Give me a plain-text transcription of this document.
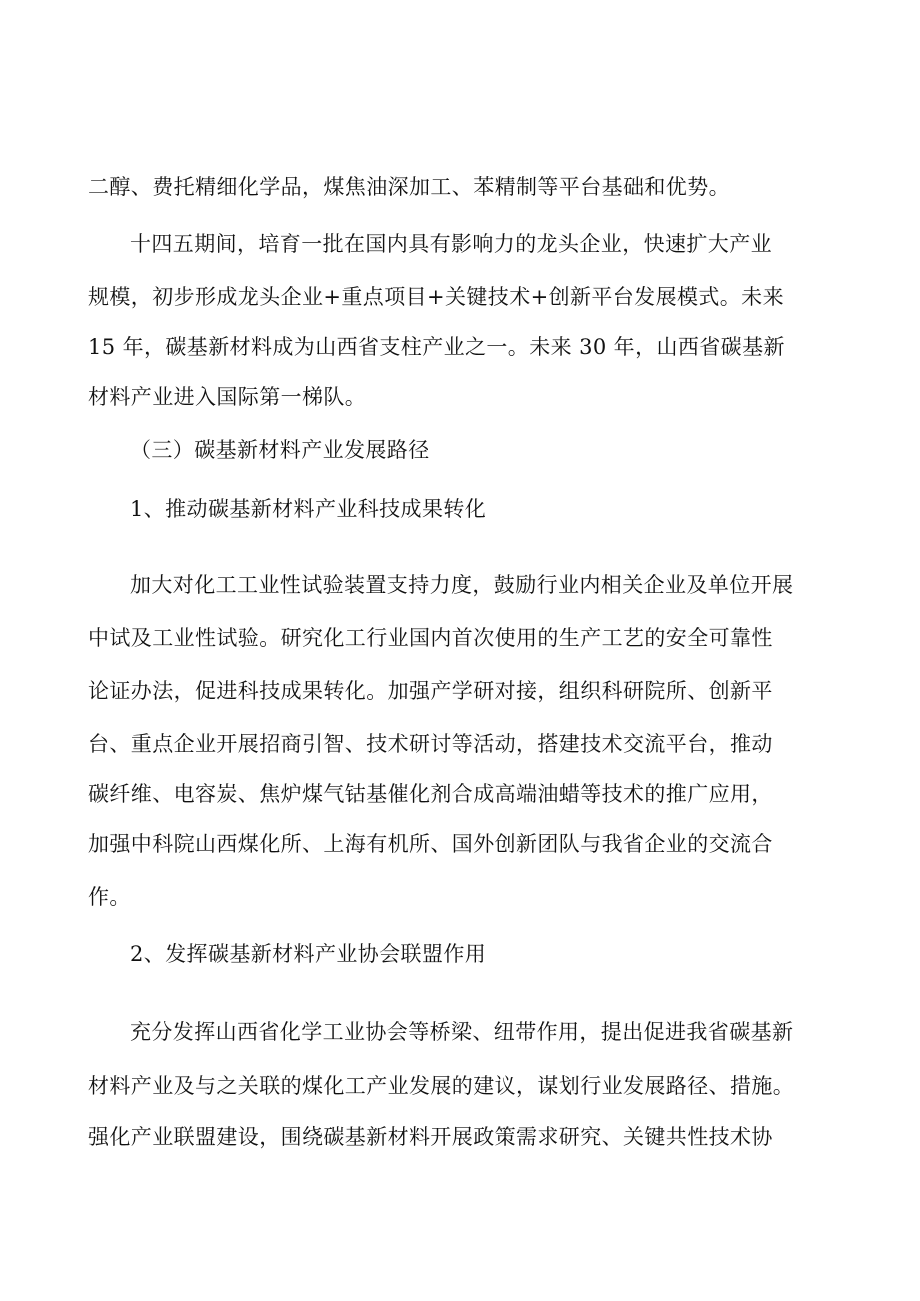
二醇、费托精细化学品，煤焦油深加工、苯精制等平台基础和优势。
十四五期间，培育一批在国内具有影响力的龙头企业，快速扩大产业
规模，初步形成龙头企业+重点项目+关键技术+创新平台发展模式。未来
15 年，碳基新材料成为山西省支柱产业之一。未来 30 年，山西省碳基新
材料产业进入国际第一梯队。
（三）碳基新材料产业发展路径
1、推动碳基新材料产业科技成果转化
加大对化工工业性试验装置支持力度，鼓励行业内相关企业及单位开展
中试及工业性试验。研究化工行业国内首次使用的生产工艺的安全可靠性
论证办法，促进科技成果转化。加强产学研对接，组织科研院所、创新平
台、重点企业开展招商引智、技术研讨等活动，搭建技术交流平台，推动
碳纤维、电容炭、焦炉煤气钴基催化剂合成高端油蜡等技术的推广应用，
加强中科院山西煤化所、上海有机所、国外创新团队与我省企业的交流合
作。
2、发挥碳基新材料产业协会联盟作用
充分发挥山西省化学工业协会等桥梁、纽带作用，提出促进我省碳基新
材料产业及与之关联的煤化工产业发展的建议，谋划行业发展路径、措施。
强化产业联盟建设，围绕碳基新材料开展政策需求研究、关键共性技术协
